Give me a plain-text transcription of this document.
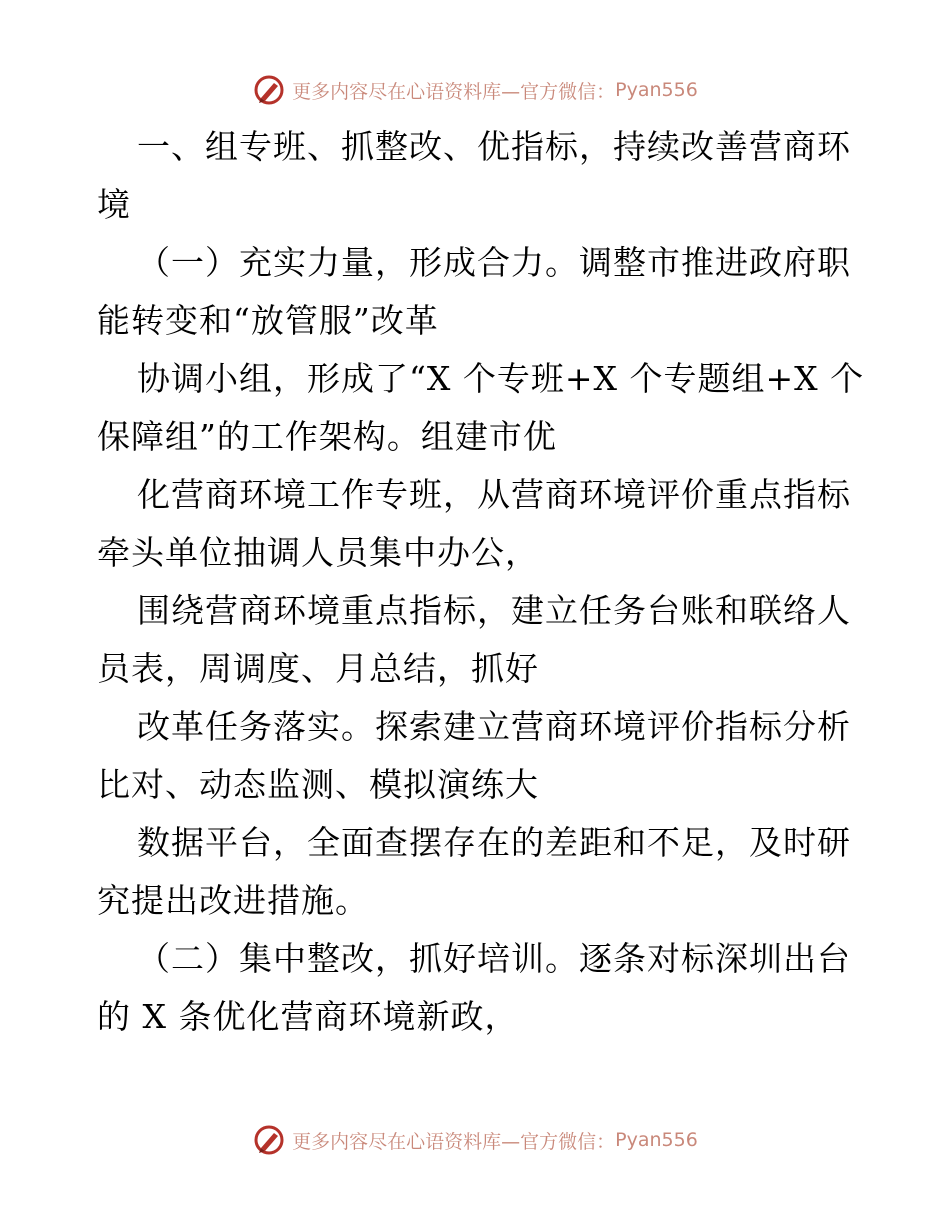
更多内容尽在心语资料库—官方微信： Pyan556
一、组专班、抓整改、优指标，持续改善营商环
境
（一）充实力量，形成合力。调整市推进政府职
能转变和“放管服”改革
协调小组，形成了“X 个专班+X 个专题组+X 个
保障组”的工作架构。组建市优
化营商环境工作专班，从营商环境评价重点指标
牵头单位抽调人员集中办公，
围绕营商环境重点指标，建立任务台账和联络人
员表，周调度、月总结，抓好
改革任务落实。探索建立营商环境评价指标分析
比对、动态监测、模拟演练大
数据平台，全面查摆存在的差距和不足，及时研
究提出改进措施。
（二）集中整改，抓好培训。逐条对标深圳出台
的 X 条优化营商环境新政，
更多内容尽在心语资料库—官方微信： Pyan556
